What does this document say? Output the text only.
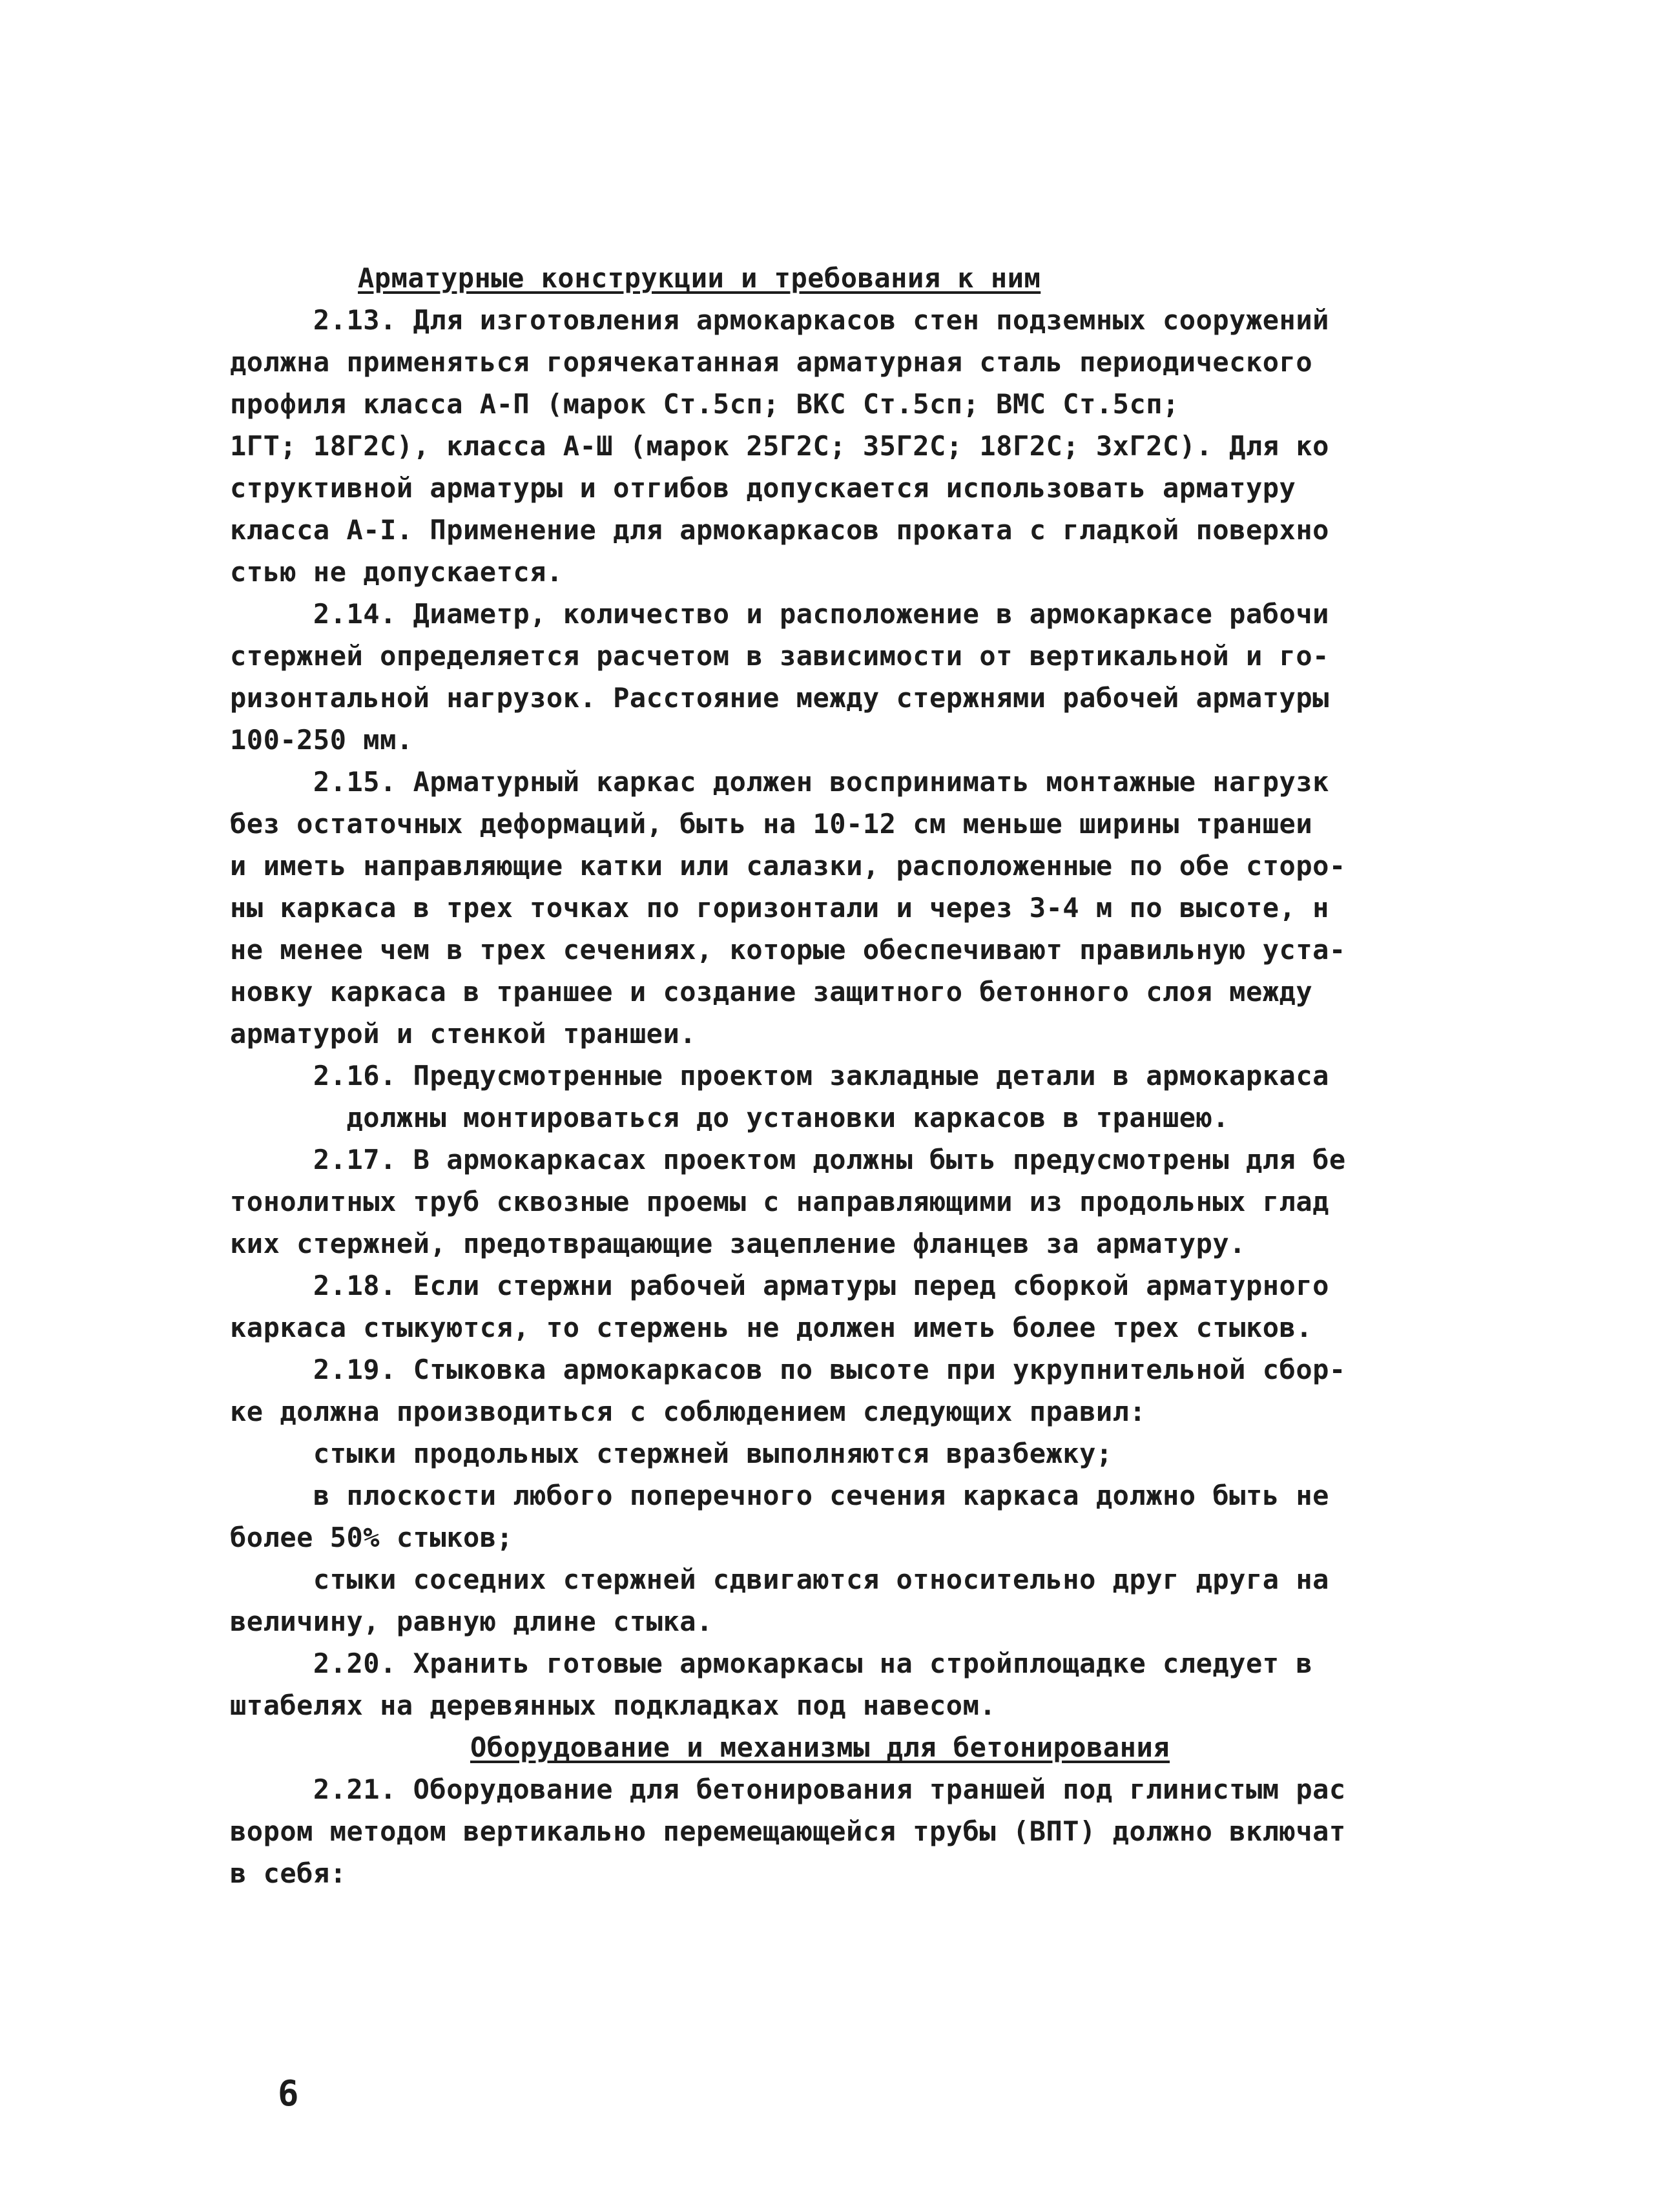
Арматурные конструкции и требования к ним
2.13. Для изготовления армокаркасов стен подземных сооружений
должна применяться горячекатанная арматурная сталь периодического
профиля класса А-П (марок Ст.5сп; ВКС Ст.5сп; ВМС Ст.5сп;
1ГТ; 18Г2С), класса А-Ш (марок 25Г2С; 35Г2С; 18Г2С; 3хГ2С). Для ко
структивной арматуры и отгибов допускается использовать арматуру
класса А-I. Применение для армокаркасов проката с гладкой поверхно
стью не допускается.
2.14. Диаметр, количество и расположение в армокаркасе рабочи
стержней определяется расчетом в зависимости от вертикальной и го-
ризонтальной нагрузок. Расстояние между стержнями рабочей арматуры
100-250 мм.
2.15. Арматурный каркас должен воспринимать монтажные нагрузк
без остаточных деформаций, быть на 10-12 см меньше ширины траншеи
и иметь направляющие катки или салазки, расположенные по обе сторо-
ны каркаса в трех точках по горизонтали и через 3-4 м по высоте, н
не менее чем в трех сечениях, которые обеспечивают правильную уста-
новку каркаса в траншее и создание защитного бетонного слоя между
арматурой и стенкой траншеи.
2.16. Предусмотренные проектом закладные детали в армокаркаса
должны монтироваться до установки каркасов в траншею.
2.17. В армокаркасах проектом должны быть предусмотрены для бе
тонолитных труб сквозные проемы с направляющими из продольных глад
ких стержней, предотвращающие зацепление фланцев за арматуру.
2.18. Если стержни рабочей арматуры перед сборкой арматурного
каркаса стыкуются, то стержень не должен иметь более трех стыков.
2.19. Стыковка армокаркасов по высоте при укрупнительной сбор-
ке должна производиться с соблюдением следующих правил:
стыки продольных стержней выполняются вразбежку;
в плоскости любого поперечного сечения каркаса должно быть не
более 50% стыков;
стыки соседних стержней сдвигаются относительно друг друга на
величину, равную длине стыка.
2.20. Хранить готовые армокаркасы на стройплощадке следует в
штабелях на деревянных подкладках под навесом.
Оборудование и механизмы для бетонирования
2.21. Оборудование для бетонирования траншей под глинистым рас
вором методом вертикально перемещающейся трубы (ВПТ) должно включат
в себя:
6
